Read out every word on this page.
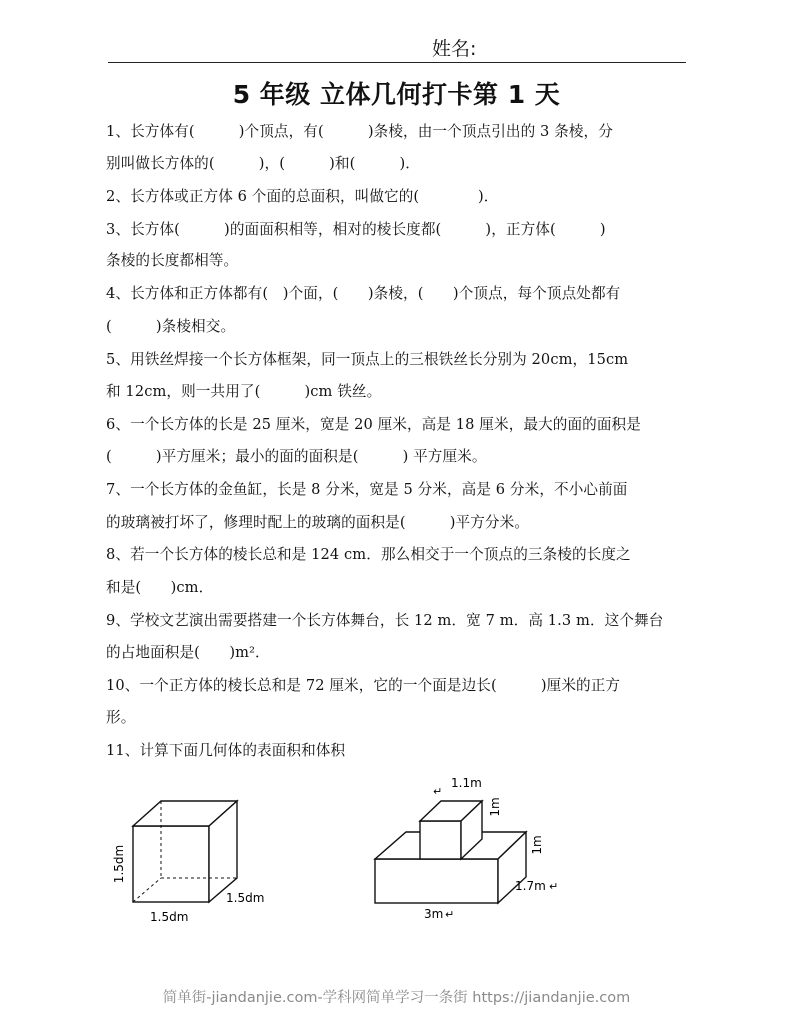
姓名:
5 年级 立体几何打卡第 1 天
1、长方体有(　　　)个顶点，有(　　　)条棱，由一个顶点引出的 3 条棱，分
别叫做长方体的(　　　)，(　　　)和(　　　)．
2、长方体或正方体 6 个面的总面积，叫做它的(　　　　)．
3、长方体(　　　)的面面积相等，相对的棱长度都(　　　)，正方体(　　　)
条棱的长度都相等。
4、长方体和正方体都有(　)个面，(　　)条棱，(　　)个顶点，每个顶点处都有
(　　　)条棱相交。
5、用铁丝焊接一个长方体框架，同一顶点上的三根铁丝长分别为 20cm，15cm
和 12cm，则一共用了(　　　)cm 铁丝。
6、一个长方体的长是 25 厘米，宽是 20 厘米，高是 18 厘米，最大的面的面积是
(　　　)平方厘米；最小的面的面积是(　　　) 平方厘米。
7、一个长方体的金鱼缸，长是 8 分米，宽是 5 分米，高是 6 分米，不小心前面
的玻璃被打坏了，修理时配上的玻璃的面积是(　　　)平方分米。
8、若一个长方体的棱长总和是 124 cm．那么相交于一个顶点的三条棱的长度之
和是(　　)cm．
9、学校文艺演出需要搭建一个长方体舞台，长 12 m．宽 7 m．高 1.3 m．这个舞台
的占地面积是(　　)m²．
10、一个正方体的棱长总和是 72 厘米，它的一个面是边长(　　　)厘米的正方
形。
11、计算下面几何体的表面积和体积
1.5dm
1.5dm
1.5dm
1.1m
↵
1m
1m
1.7m ↵
3m ↵
简单街-jiandanjie.com-学科网简单学习一条街 https://jiandanjie.com
